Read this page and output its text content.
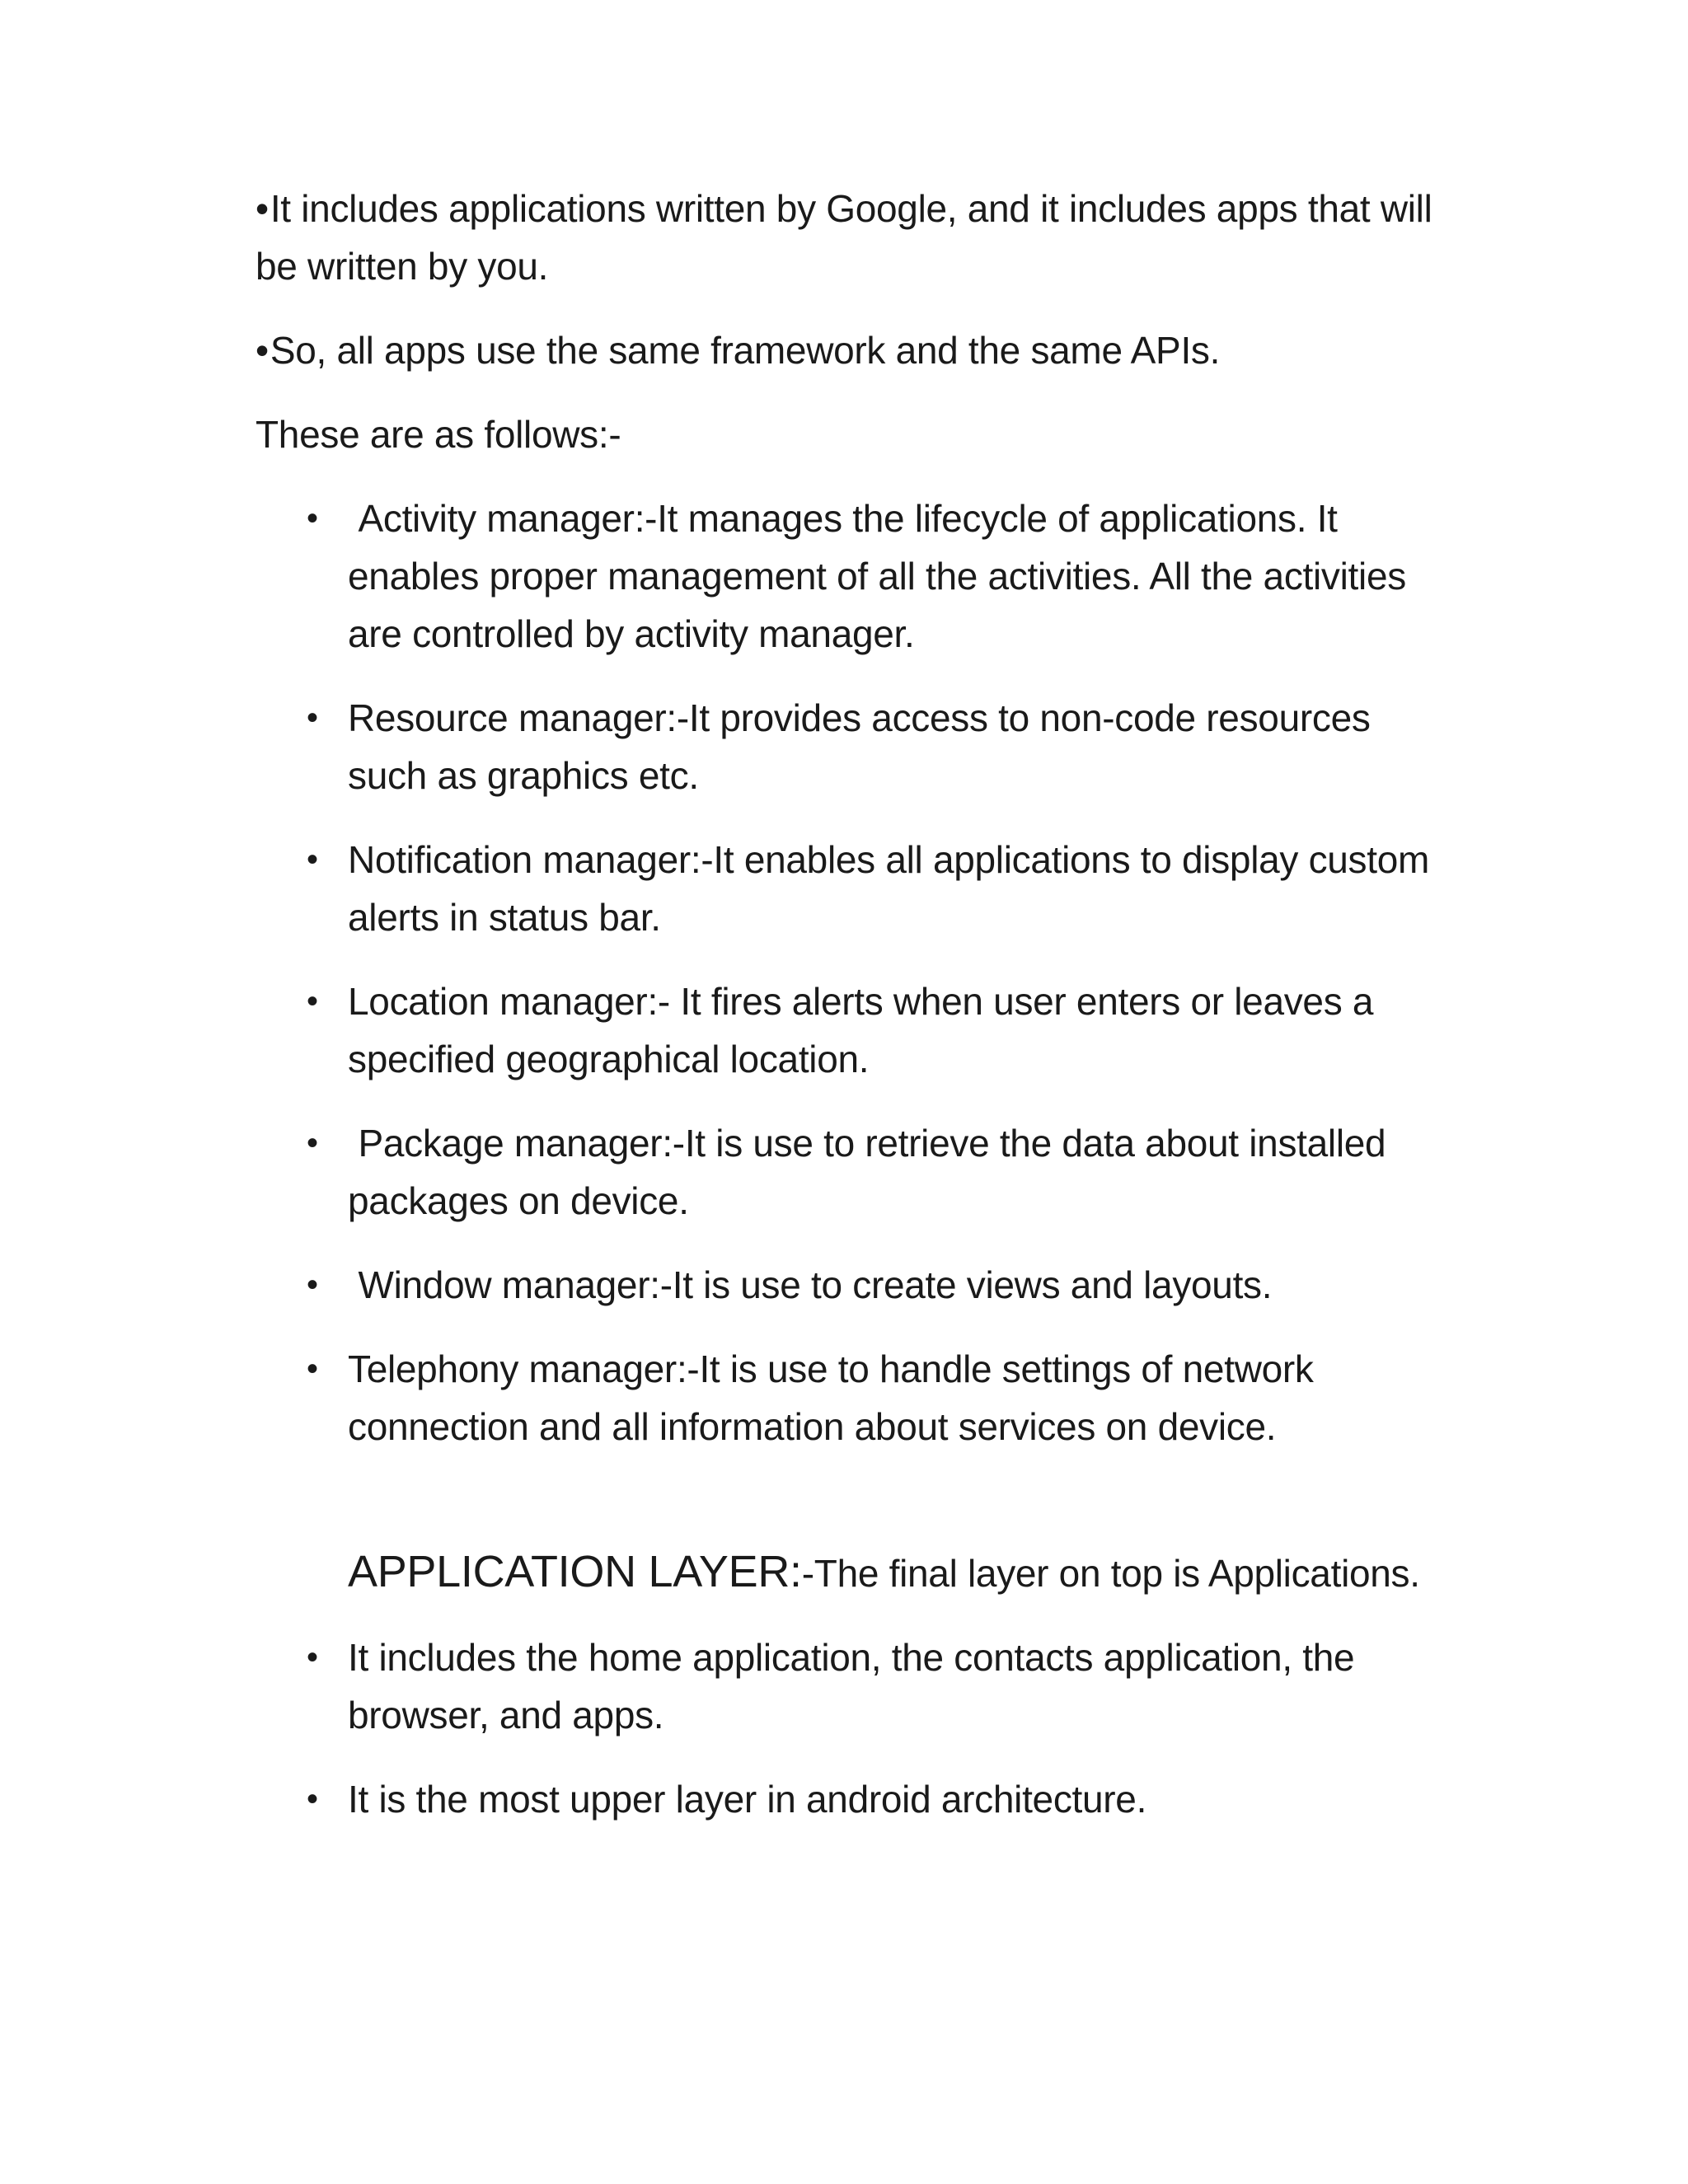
•It includes applications written by Google, and it includes apps that will be written by you.

•So, all apps use the same framework and the same APIs.

These are as follows:-

• Activity manager:-It manages the lifecycle of applications. It enables proper management of all the activities. All the activities are controlled by activity manager.
• Resource manager:-It provides access to non-code resources such as graphics etc.
• Notification manager:-It enables all applications to display custom alerts in status bar.
• Location manager:- It fires alerts when user enters or leaves a specified geographical location.
• Package manager:-It is use to retrieve the data about installed packages on device.
• Window manager:-It is use to create views and layouts.
• Telephony manager:-It is use to handle settings of network connection and all information about services on device.

APPLICATION LAYER:-The final layer on top is Applications.

• It includes the home application, the contacts application, the browser, and apps.
• It is the most upper layer in android architecture.
